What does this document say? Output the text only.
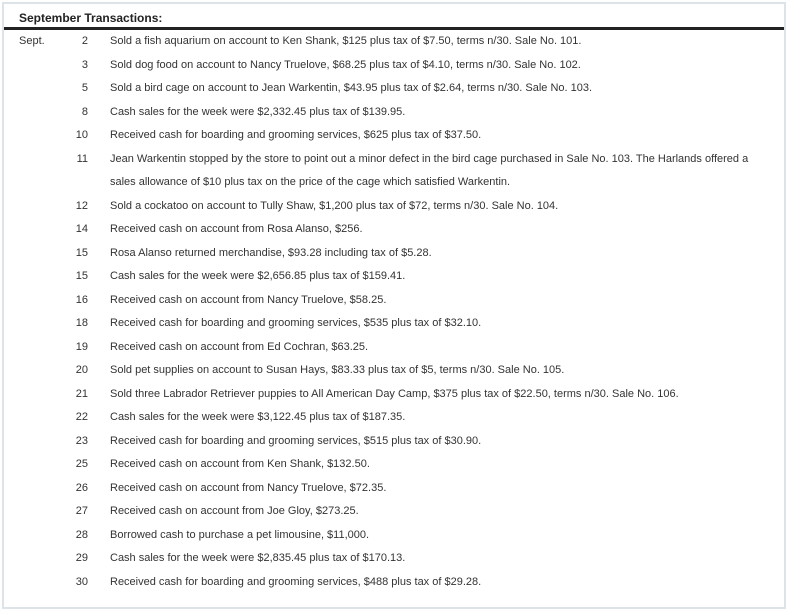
September Transactions:
Sept.	2 Sold a fish aquarium on account to Ken Shank, $125 plus tax of $7.50, terms n/30. Sale No. 101.
3 Sold dog food on account to Nancy Truelove, $68.25 plus tax of $4.10, terms n/30. Sale No. 102.
5 Sold a bird cage on account to Jean Warkentin, $43.95 plus tax of $2.64, terms n/30. Sale No. 103.
8 Cash sales for the week were $2,332.45 plus tax of $139.95.
10 Received cash for boarding and grooming services, $625 plus tax of $37.50.
11 Jean Warkentin stopped by the store to point out a minor defect in the bird cage purchased in Sale No. 103. The Harlands offered a sales allowance of $10 plus tax on the price of the cage which satisfied Warkentin.
12 Sold a cockatoo on account to Tully Shaw, $1,200 plus tax of $72, terms n/30. Sale No. 104.
14 Received cash on account from Rosa Alanso, $256.
15 Rosa Alanso returned merchandise, $93.28 including tax of $5.28.
15 Cash sales for the week were $2,656.85 plus tax of $159.41.
16 Received cash on account from Nancy Truelove, $58.25.
18 Received cash for boarding and grooming services, $535 plus tax of $32.10.
19 Received cash on account from Ed Cochran, $63.25.
20 Sold pet supplies on account to Susan Hays, $83.33 plus tax of $5, terms n/30. Sale No. 105.
21 Sold three Labrador Retriever puppies to All American Day Camp, $375 plus tax of $22.50, terms n/30. Sale No. 106.
22 Cash sales for the week were $3,122.45 plus tax of $187.35.
23 Received cash for boarding and grooming services, $515 plus tax of $30.90.
25 Received cash on account from Ken Shank, $132.50.
26 Received cash on account from Nancy Truelove, $72.35.
27 Received cash on account from Joe Gloy, $273.25.
28 Borrowed cash to purchase a pet limousine, $11,000.
29 Cash sales for the week were $2,835.45 plus tax of $170.13.
30 Received cash for boarding and grooming services, $488 plus tax of $29.28.
